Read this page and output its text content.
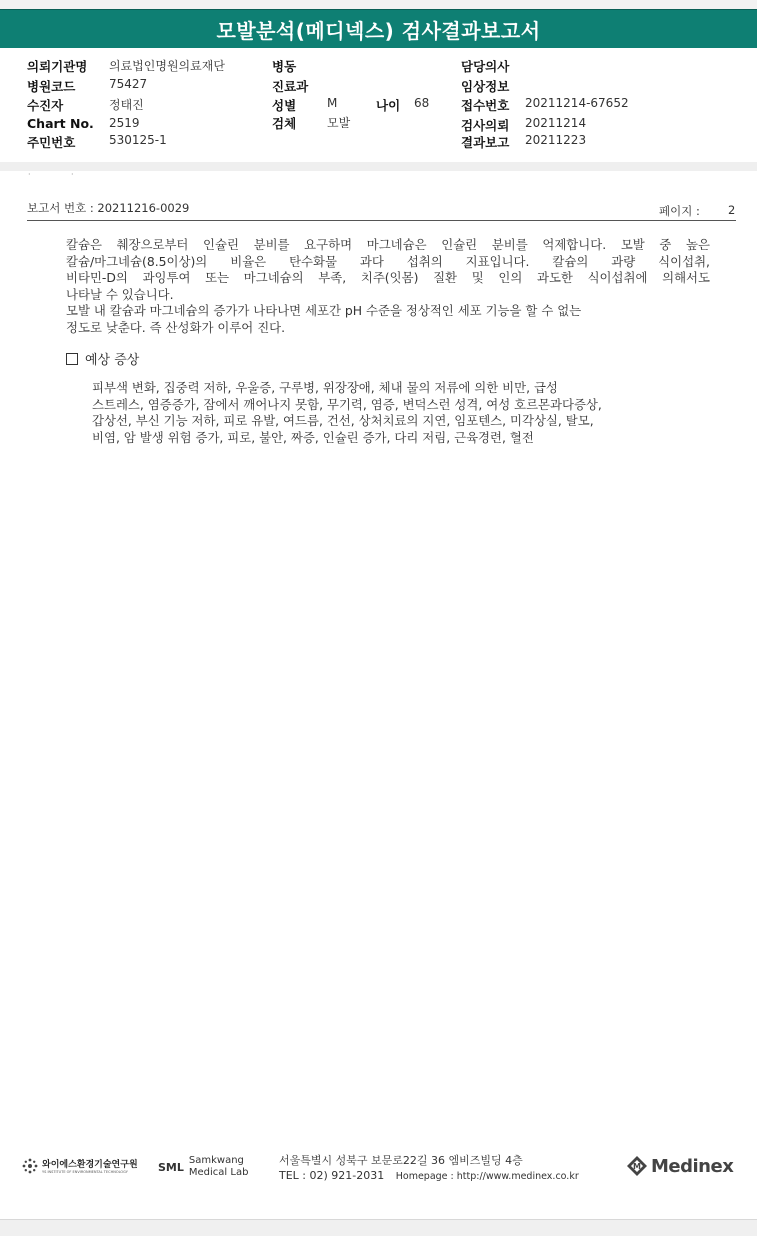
모발분석(메디넥스) 검사결과보고서
의뢰기관명 의료법인명원의료재단
병원코드	75427
수진자	정태진
Chart No. 2519
주민번호	530125-1
병동
진료과
성별	M	나이 68
검체	모발
담당의사
임상정보
접수번호 20211214-67652
검사의뢰 20211214
결과보고 20211223
·	·
보고서 번호 : 20211216-0029	페이지 : 2
칼슘은 췌장으로부터 인슐린 분비를 요구하며 마그네슘은 인슐린 분비를 억제합니다. 모발 중 높은
칼슘/마그네슘(8.5이상)의 비율은 탄수화물 과다 섭취의 지표입니다. 칼슘의 과량 식이섭취,
비타민-D의 과잉투여 또는 마그네슘의 부족, 치주(잇몸) 질환 및 인의 과도한 식이섭취에 의해서도
나타날 수 있습니다.
모발 내 칼슘과 마그네슘의 증가가 나타나면 세포간 pH 수준을 정상적인 세포 기능을 할 수 없는
정도로 낮춘다. 즉 산성화가 이루어 진다.
예상 증상
피부색 변화, 집중력 저하, 우울증, 구루병, 위장장애, 체내 물의 저류에 의한 비만, 급성
스트레스, 염증증가, 잠에서 깨어나지 못함, 무기력, 염증, 변덕스런 성격, 여성 호르몬과다증상,
갑상선, 부신 기능 저하, 피로 유발, 여드름, 건선, 상처치료의 지연, 임포텐스, 미각상실, 탈모,
비염, 암 발생 위험 증가, 피로, 불안, 짜증, 인슐린 증가, 다리 저림, 근육경련, 혈전
와이에스환경기술연구원
YS INSTITUTE OF ENVIRONMENTAL TECHNOLOGY	SML Samkwang
Medical Lab
서울특별시 성북구 보문로22길 36 엠비즈빌딩 4층
TEL : 02) 921-2031 Homepage : http://www.medinex.co.kr
M Medinex
